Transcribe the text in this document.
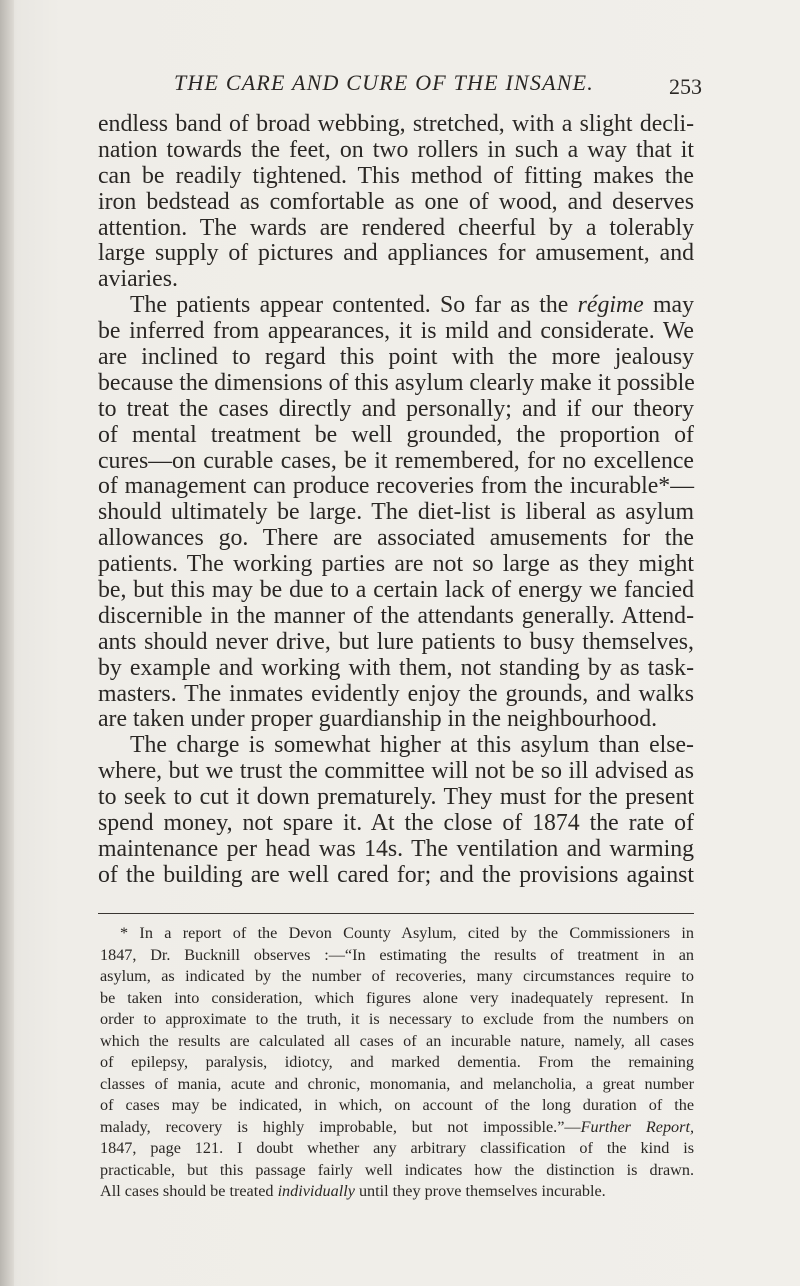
THE CARE AND CURE OF THE INSANE.	253
endless band of broad webbing, stretched, with a slight decli-
nation towards the feet, on two rollers in such a way that it
can be readily tightened. This method of fitting makes the
iron bedstead as comfortable as one of wood, and deserves
attention. The wards are rendered cheerful by a tolerably
large supply of pictures and appliances for amusement, and
aviaries.
The patients appear contented. So far as the régime may
be inferred from appearances, it is mild and considerate. We
are inclined to regard this point with the more jealousy
because the dimensions of this asylum clearly make it possible
to treat the cases directly and personally; and if our theory
of mental treatment be well grounded, the proportion of
cures—on curable cases, be it remembered, for no excellence
of management can produce recoveries from the incurable*—
should ultimately be large. The diet-list is liberal as asylum
allowances go. There are associated amusements for the
patients. The working parties are not so large as they might
be, but this may be due to a certain lack of energy we fancied
discernible in the manner of the attendants generally. Attend-
ants should never drive, but lure patients to busy themselves,
by example and working with them, not standing by as task-
masters. The inmates evidently enjoy the grounds, and walks
are taken under proper guardianship in the neighbourhood.
The charge is somewhat higher at this asylum than else-
where, but we trust the committee will not be so ill advised as
to seek to cut it down prematurely. They must for the present
spend money, not spare it. At the close of 1874 the rate of
maintenance per head was 14s. The ventilation and warming
of the building are well cared for; and the provisions against
* In a report of the Devon County Asylum, cited by the Commissioners in
1847, Dr. Bucknill observes :—“In estimating the results of treatment in an
asylum, as indicated by the number of recoveries, many circumstances require to
be taken into consideration, which figures alone very inadequately represent. In
order to approximate to the truth, it is necessary to exclude from the numbers on
which the results are calculated all cases of an incurable nature, namely, all cases
of epilepsy, paralysis, idiotcy, and marked dementia. From the remaining
classes of mania, acute and chronic, monomania, and melancholia, a great number
of cases may be indicated, in which, on account of the long duration of the
malady, recovery is highly improbable, but not impossible.”—Further Report,
1847, page 121. I doubt whether any arbitrary classification of the kind is
practicable, but this passage fairly well indicates how the distinction is drawn.
All cases should be treated individually until they prove themselves incurable.
